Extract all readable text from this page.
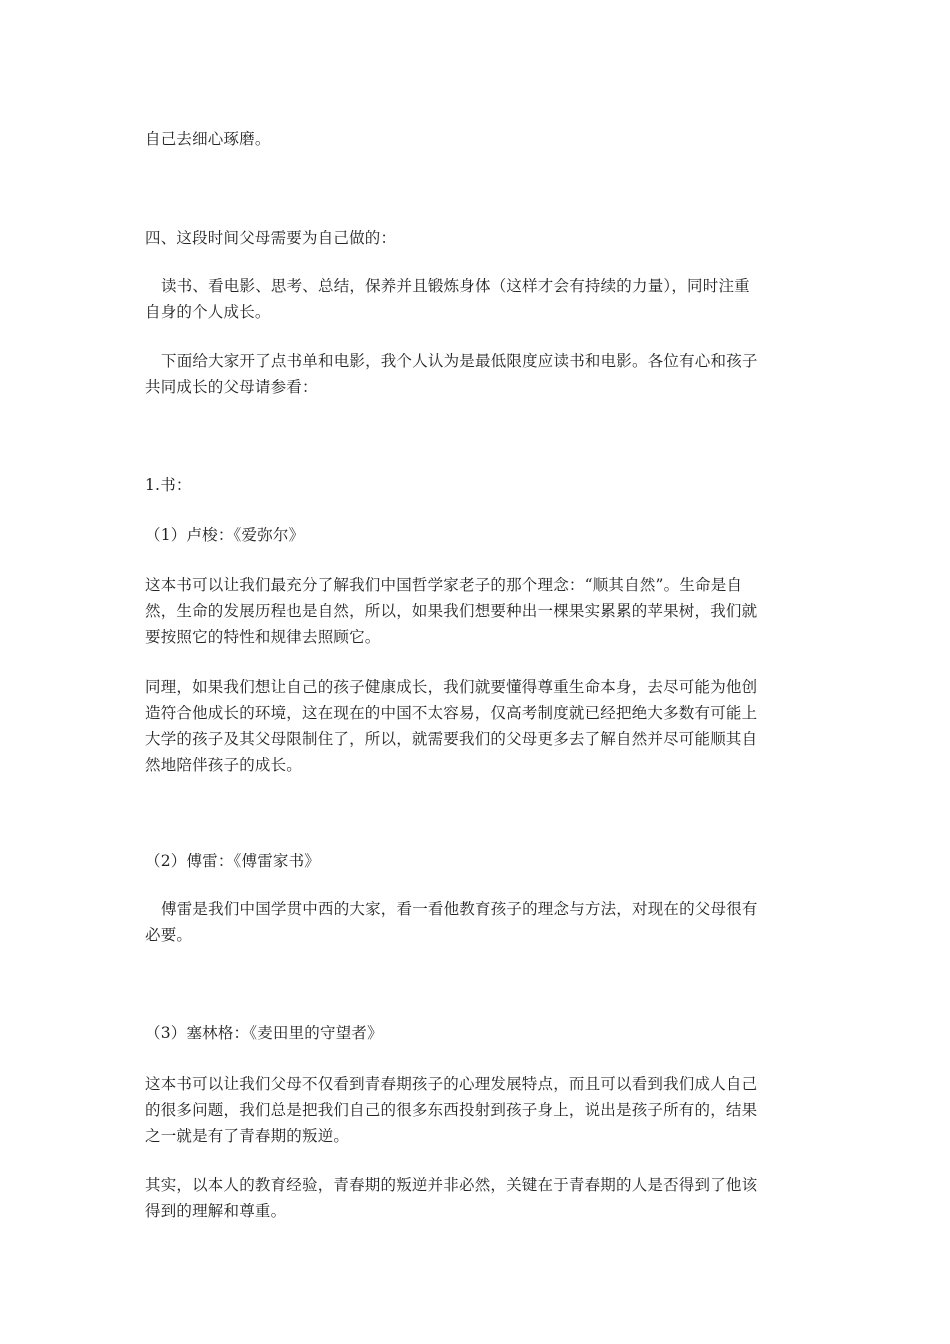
自己去细心琢磨。
四、这段时间父母需要为自己做的：
读书、看电影、思考、总结，保养并且锻炼身体（这样才会有持续的力量），同时注重
自身的个人成长。
下面给大家开了点书单和电影，我个人认为是最低限度应读书和电影。各位有心和孩子
共同成长的父母请参看：
1.书：
（1）卢梭：《爱弥尔》
这本书可以让我们最充分了解我们中国哲学家老子的那个理念：“顺其自然”。生命是自
然，生命的发展历程也是自然，所以，如果我们想要种出一棵果实累累的苹果树，我们就
要按照它的特性和规律去照顾它。
同理，如果我们想让自己的孩子健康成长，我们就要懂得尊重生命本身，去尽可能为他创
造符合他成长的环境，这在现在的中国不太容易，仅高考制度就已经把绝大多数有可能上
大学的孩子及其父母限制住了，所以，就需要我们的父母更多去了解自然并尽可能顺其自
然地陪伴孩子的成长。
（2）傅雷：《傅雷家书》
傅雷是我们中国学贯中西的大家，看一看他教育孩子的理念与方法，对现在的父母很有
必要。
（3）塞林格：《麦田里的守望者》
这本书可以让我们父母不仅看到青春期孩子的心理发展特点，而且可以看到我们成人自己
的很多问题，我们总是把我们自己的很多东西投射到孩子身上，说出是孩子所有的，结果
之一就是有了青春期的叛逆。
其实，以本人的教育经验，青春期的叛逆并非必然，关键在于青春期的人是否得到了他该
得到的理解和尊重。
